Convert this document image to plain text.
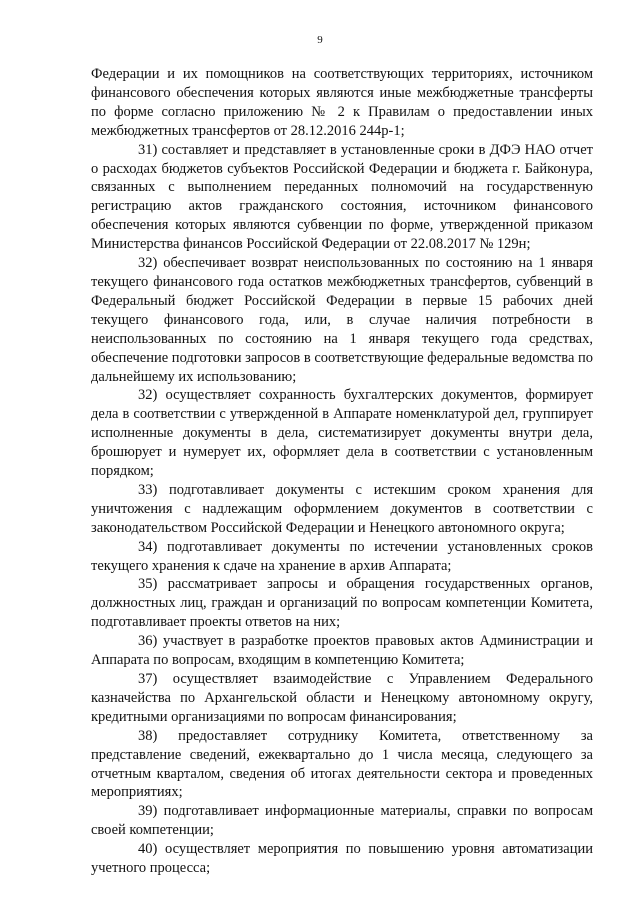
9

Федерации и их помощников на соответствующих территориях, источником финансового обеспечения которых являются иные межбюджетные трансферты по форме согласно приложению № 2 к Правилам о предоставлении иных межбюджетных трансфертов от 28.12.2016 244р-1;

31) составляет и представляет в установленные сроки в ДФЭ НАО отчет о расходах бюджетов субъектов Российской Федерации и бюджета г. Байконура, связанных с выполнением переданных полномочий на государственную регистрацию актов гражданского состояния, источником финансового обеспечения которых являются субвенции по форме, утвержденной приказом Министерства финансов Российской Федерации от 22.08.2017 № 129н;

32) обеспечивает возврат неиспользованных по состоянию на 1 января текущего финансового года остатков межбюджетных трансфертов, субвенций в Федеральный бюджет Российской Федерации в первые 15 рабочих дней текущего финансового года, или, в случае наличия потребности в неиспользованных по состоянию на 1 января текущего года средствах, обеспечение подготовки запросов в соответствующие федеральные ведомства по дальнейшему их использованию;

32) осуществляет сохранность бухгалтерских документов, формирует дела в соответствии с утвержденной в Аппарате номенклатурой дел, группирует исполненные документы в дела, систематизирует документы внутри дела, брошюрует и нумерует их, оформляет дела в соответствии с установленным порядком;

33) подготавливает документы с истекшим сроком хранения для уничтожения с надлежащим оформлением документов в соответствии с законодательством Российской Федерации и Ненецкого автономного округа;

34) подготавливает документы по истечении установленных сроков текущего хранения к сдаче на хранение в архив Аппарата;

35) рассматривает запросы и обращения государственных органов, должностных лиц, граждан и организаций по вопросам компетенции Комитета, подготавливает проекты ответов на них;

36) участвует в разработке проектов правовых актов Администрации и Аппарата по вопросам, входящим в компетенцию Комитета;

37) осуществляет взаимодействие с Управлением Федерального казначейства по Архангельской области и Ненецкому автономному округу, кредитными организациями по вопросам финансирования;

38) предоставляет сотруднику Комитета, ответственному за представление сведений, ежеквартально до 1 числа месяца, следующего за отчетным кварталом, сведения об итогах деятельности сектора и проведенных мероприятиях;

39) подготавливает информационные материалы, справки по вопросам своей компетенции;

40) осуществляет мероприятия по повышению уровня автоматизации учетного процесса;
